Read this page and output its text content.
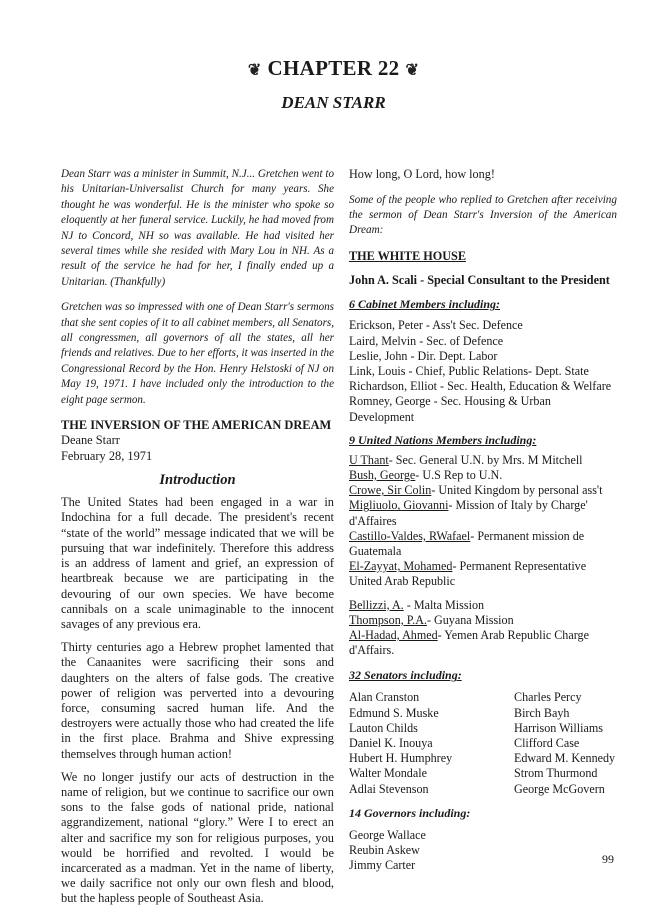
❦ CHAPTER 22 ❦
DEAN STARR

Dean Starr was a minister in Summit, N.J... Gretchen went to his Unitarian-Universalist Church for many years. She thought he was wonderful. He is the minister who spoke so eloquently at her funeral service. Luckily, he had moved from NJ to Concord, NH so was available. He had visited her several times while she resided with Mary Lou in NH. As a result of the service he had for her, I finally ended up a Unitarian. (Thankfully)

Gretchen was so impressed with one of Dean Starr's sermons that she sent copies of it to all cabinet members, all Senators, all congressmen, all governors of all the states, all her friends and relatives. Due to her efforts, it was inserted in the Congressional Record by the Hon. Henry Helstoski of NJ on May 19, 1971. I have included only the introduction to the eight page sermon.

THE INVERSION OF THE AMERICAN DREAM

Deane Starr

February 28, 1971

Introduction

The United States had been engaged in a war in Indochina for a full decade. The president's recent “state of the world” message indicated that we will be pursuing that war indefinitely. Therefore this address is an address of lament and grief, an expression of heartbreak because we are participating in the devouring of our own species. We have become cannibals on a scale unimaginable to the innocent savages of any previous era.

Thirty centuries ago a Hebrew prophet lamented that the Canaanites were sacrificing their sons and daughters on the alters of false gods. The creative power of religion was perverted into a devouring force, consuming sacred human life. And the destroyers were actually those who had created the life in the first place. Brahma and Shive expressing themselves through human action!

We no longer justify our acts of destruction in the name of religion, but we continue to sacrifice our own sons to the false gods of national pride, national aggrandizement, national “glory.” Were I to erect an alter and sacrifice my son for religious purposes, you would be horrified and revolted. I would be incarcerated as a madman. Yet in the name of liberty, we daily sacrifice not only our own flesh and blood, but the hapless people of Southeast Asia.

How long, O Lord, how long!

Some of the people who replied to Gretchen after receiving the sermon of Dean Starr's Inversion of the American Dream:

THE WHITE HOUSE

John A. Scali - Special Consultant to the President

6 Cabinet Members including:

Erickson, Peter - Ass't Sec. Defence

Laird, Melvin - Sec. of Defence

Leslie, John - Dir. Dept. Labor

Link, Louis - Chief, Public Relations- Dept. State

Richardson, Elliot - Sec. Health, Education & Welfare

Romney, George - Sec. Housing & Urban Development

9 United Nations Members including:

U Thant- Sec. General U.N. by Mrs. M Mitchell

Bush, George- U.S Rep to U.N.

Crowe, Sir Colin- United Kingdom by personal ass't

Migliuolo, Giovanni- Mission of Italy by Charge' d'Affaires

Castillo-Valdes, RWafael- Permanent mission de Guatemala

El-Zayyat, Mohamed- Permanent Representative United Arab Republic

Bellizzi, A. - Malta Mission

Thompson, P.A.- Guyana Mission

Al-Hadad, Ahmed- Yemen Arab Republic Charge d'Affairs.

32 Senators including:

Alan Cranston

Edmund S. Muske

Lauton Childs

Daniel K. Inouya

Hubert H. Humphrey

Walter Mondale

Adlai Stevenson

Charles Percy

Birch Bayh

Harrison Williams

Clifford Case

Edward M. Kennedy

Strom Thurmond

George McGovern

14 Governors including:

George Wallace

Reubin Askew

Jimmy Carter	99
